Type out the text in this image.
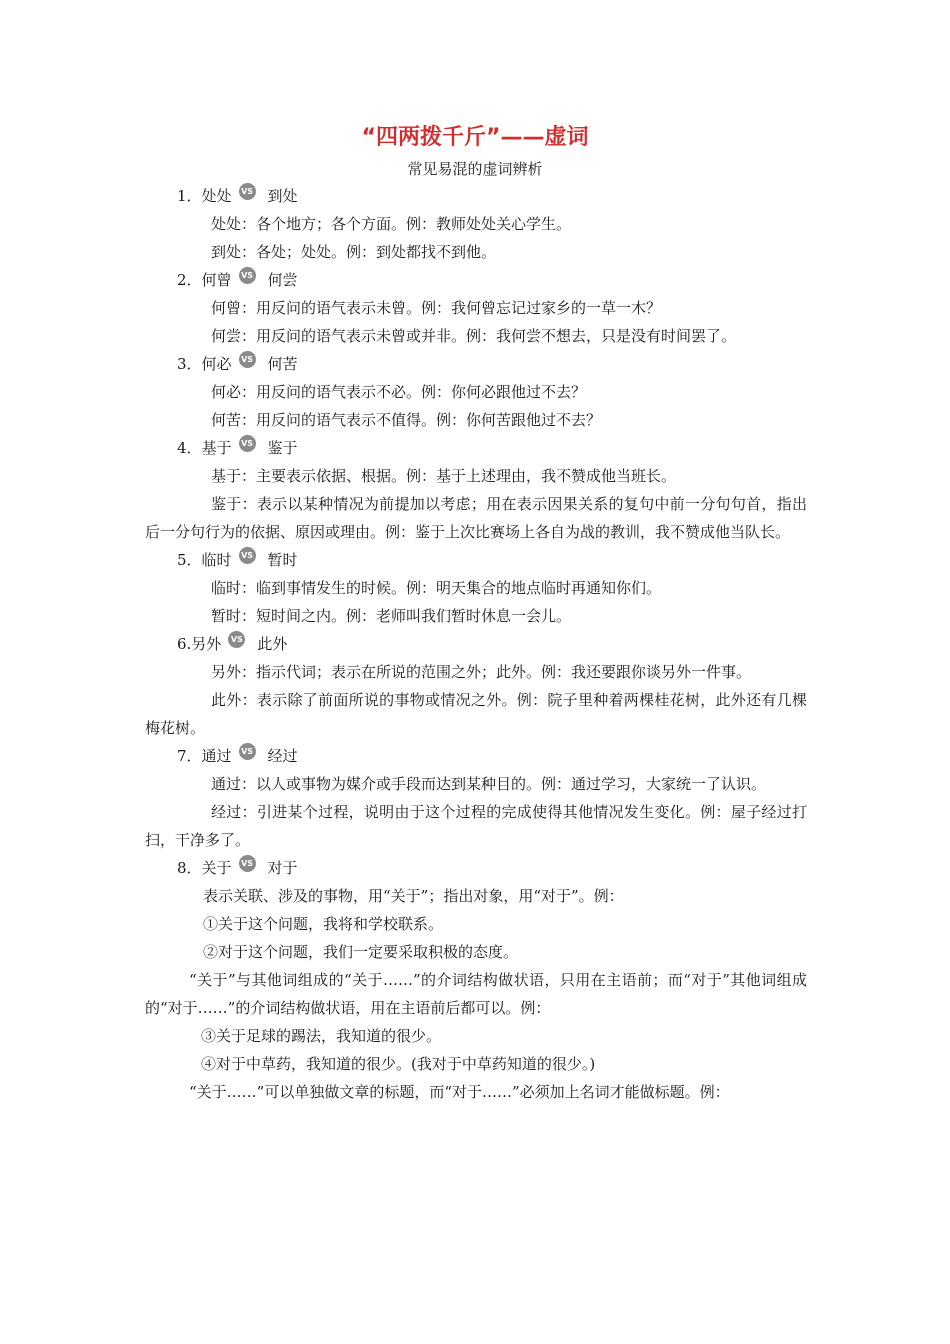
“四两拨千斤”——虚词
常见易混的虚词辨析

1．处处	VS 到处

处处：各个地方；各个方面。例：教师处处关心学生。

到处：各处；处处。例：到处都找不到他。

2．何曾	VS 何尝

何曾：用反问的语气表示未曾。例：我何曾忘记过家乡的一草一木？

何尝：用反问的语气表示未曾或并非。例：我何尝不想去，只是没有时间罢了。

3．何必	VS 何苦

何必：用反问的语气表示不必。例：你何必跟他过不去？

何苦：用反问的语气表示不值得。例：你何苦跟他过不去？

4．基于	VS 鉴于

基于：主要表示依据、根据。例：基于上述理由，我不赞成他当班长。

鉴于：表示以某种情况为前提加以考虑；用在表示因果关系的复句中前一分句句首，指出后一分句行为的依据、原因或理由。例：鉴于上次比赛场上各自为战的教训，我不赞成他当队长。

5．临时	VS 暂时

临时：临到事情发生的时候。例：明天集合的地点临时再通知你们。

暂时：短时间之内。例：老师叫我们暂时休息一会儿。

6.另外	VS 此外

另外：指示代词；表示在所说的范围之外；此外。例：我还要跟你谈另外一件事。

此外：表示除了前面所说的事物或情况之外。例：院子里种着两棵桂花树，此外还有几棵梅花树。

7．通过	VS 经过

通过：以人或事物为媒介或手段而达到某种目的。例：通过学习，大家统一了认识。

经过：引进某个过程，说明由于这个过程的完成使得其他情况发生变化。例：屋子经过打扫，干净多了。

8．关于	VS 对于

表示关联、涉及的事物，用“关于”；指出对象，用“对于”。例：

①关于这个问题，我将和学校联系。

②对于这个问题，我们一定要采取积极的态度。

“关于”与其他词组成的“关于……”的介词结构做状语，只用在主语前；而“对于”其他词组成的“对于……”的介词结构做状语，用在主语前后都可以。例：

③关于足球的踢法，我知道的很少。

④对于中草药，我知道的很少。(我对于中草药知道的很少。)

“关于……”可以单独做文章的标题，而“对于……”必须加上名词才能做标题。例：
